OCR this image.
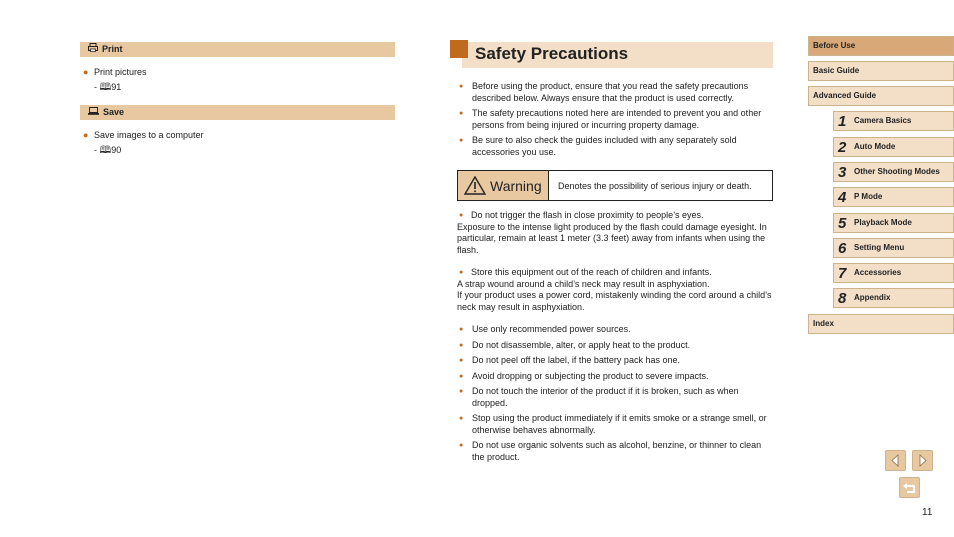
Print
● Print pictures
- 🕮91
Save
● Save images to a computer
- 🕮90
Safety Precautions
● Before using the product, ensure that you read the safety precautions described below. Always ensure that the product is used correctly.
● The safety precautions noted here are intended to prevent you and other persons from being injured or incurring property damage.
● Be sure to also check the guides included with any separately sold accessories you use.
Warning Denotes the possibility of serious injury or death.
● Do not trigger the flash in close proximity to people’s eyes.
Exposure to the intense light produced by the flash could damage eyesight. In particular, remain at least 1 meter (3.3 feet) away from infants when using the flash.
● Store this equipment out of the reach of children and infants.
A strap wound around a child’s neck may result in asphyxiation.
If your product uses a power cord, mistakenly winding the cord around a child’s neck may result in asphyxiation.
● Use only recommended power sources.
● Do not disassemble, alter, or apply heat to the product.
● Do not peel off the label, if the battery pack has one.
● Avoid dropping or subjecting the product to severe impacts.
● Do not touch the interior of the product if it is broken, such as when dropped.
● Stop using the product immediately if it emits smoke or a strange smell, or otherwise behaves abnormally.
● Do not use organic solvents such as alcohol, benzine, or thinner to clean the product.
Before Use
Basic Guide
Advanced Guide
1 Camera Basics
2 Auto Mode
3 Other Shooting Modes
4 P Mode
5 Playback Mode
6 Setting Menu
7 Accessories
8 Appendix
Index
11
